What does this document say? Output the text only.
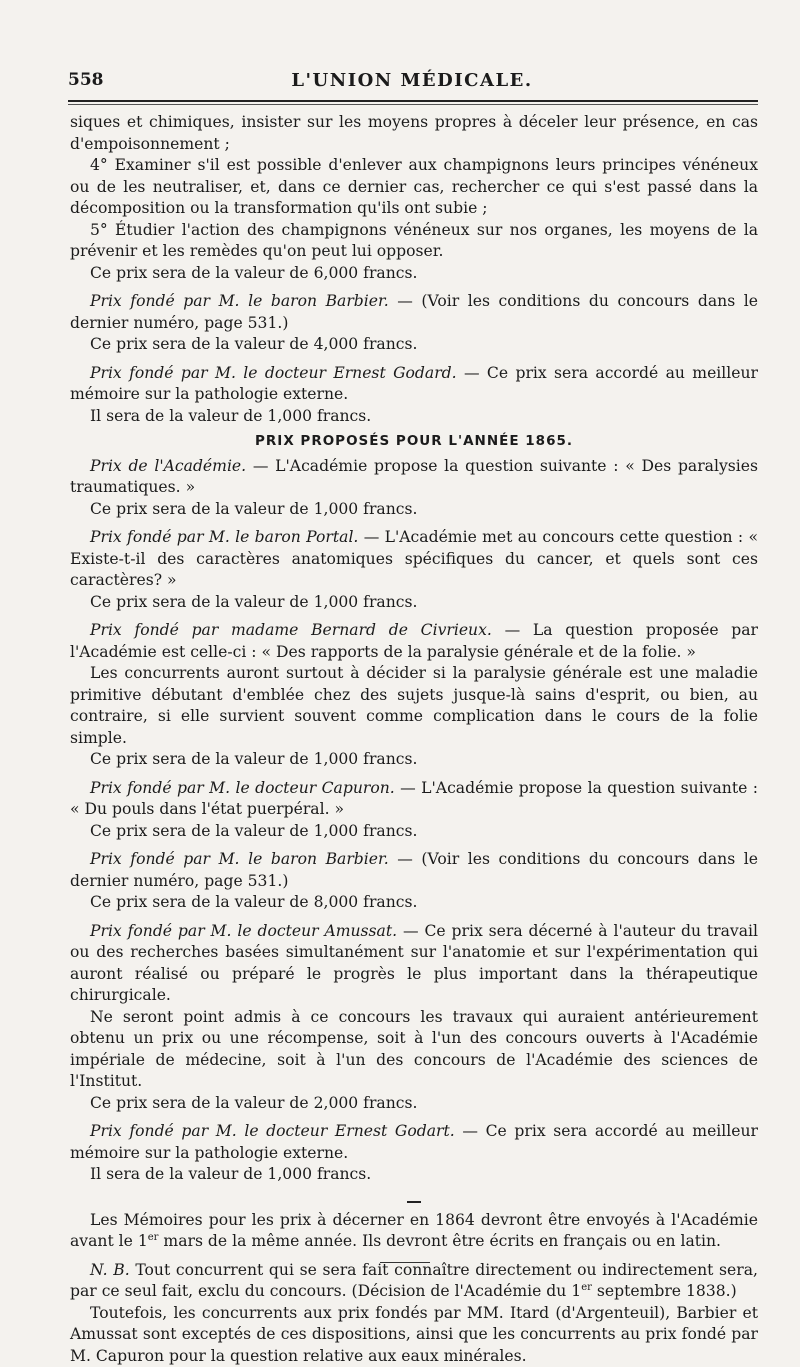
558	L'UNION MÉDICALE.

siques et chimiques, insister sur les moyens propres à déceler leur présence, en cas d'empoisonnement ;

4° Examiner s'il est possible d'enlever aux champignons leurs principes vénéneux ou de les neutraliser, et, dans ce dernier cas, rechercher ce qui s'est passé dans la décomposition ou la transformation qu'ils ont subie ;

5° Étudier l'action des champignons vénéneux sur nos organes, les moyens de la prévenir et les remèdes qu'on peut lui opposer.

Ce prix sera de la valeur de 6,000 francs.

Prix fondé par M. le baron Barbier. — (Voir les conditions du concours dans le dernier numéro, page 531.)

Ce prix sera de la valeur de 4,000 francs.

Prix fondé par M. le docteur Ernest Godard. — Ce prix sera accordé au meilleur mémoire sur la pathologie externe.

Il sera de la valeur de 1,000 francs.

PRIX PROPOSÉS POUR L'ANNÉE 1865.

Prix de l'Académie. — L'Académie propose la question suivante : « Des paralysies traumatiques. »

Ce prix sera de la valeur de 1,000 francs.

Prix fondé par M. le baron Portal. — L'Académie met au concours cette question : « Existe-t-il des caractères anatomiques spécifiques du cancer, et quels sont ces caractères? »

Ce prix sera de la valeur de 1,000 francs.

Prix fondé par madame Bernard de Civrieux. — La question proposée par l'Académie est celle-ci : « Des rapports de la paralysie générale et de la folie. »

Les concurrents auront surtout à décider si la paralysie générale est une maladie primitive débutant d'emblée chez des sujets jusque-là sains d'esprit, ou bien, au contraire, si elle survient souvent comme complication dans le cours de la folie simple.

Ce prix sera de la valeur de 1,000 francs.

Prix fondé par M. le docteur Capuron. — L'Académie propose la question suivante : « Du pouls dans l'état puerpéral. »

Ce prix sera de la valeur de 1,000 francs.

Prix fondé par M. le baron Barbier. — (Voir les conditions du concours dans le dernier numéro, page 531.)

Ce prix sera de la valeur de 8,000 francs.

Prix fondé par M. le docteur Amussat. — Ce prix sera décerné à l'auteur du travail ou des recherches basées simultanément sur l'anatomie et sur l'expérimentation qui auront réalisé ou préparé le progrès le plus important dans la thérapeutique chirurgicale.

Ne seront point admis à ce concours les travaux qui auraient antérieurement obtenu un prix ou une récompense, soit à l'un des concours ouverts à l'Académie impériale de médecine, soit à l'un des concours de l'Académie des sciences de l'Institut.

Ce prix sera de la valeur de 2,000 francs.

Prix fondé par M. le docteur Ernest Godart. — Ce prix sera accordé au meilleur mémoire sur la pathologie externe.

Il sera de la valeur de 1,000 francs.

Les Mémoires pour les prix à décerner en 1864 devront être envoyés à l'Académie avant le 1er mars de la même année. Ils devront être écrits en français ou en latin.

N. B. Tout concurrent qui se sera fait connaître directement ou indirectement sera, par ce seul fait, exclu du concours. (Décision de l'Académie du 1er septembre 1838.)

Toutefois, les concurrents aux prix fondés par MM. Itard (d'Argenteuil), Barbier et Amussat sont exceptés de ces dispositions, ainsi que les concurrents au prix fondé par M. Capuron pour la question relative aux eaux minérales.
